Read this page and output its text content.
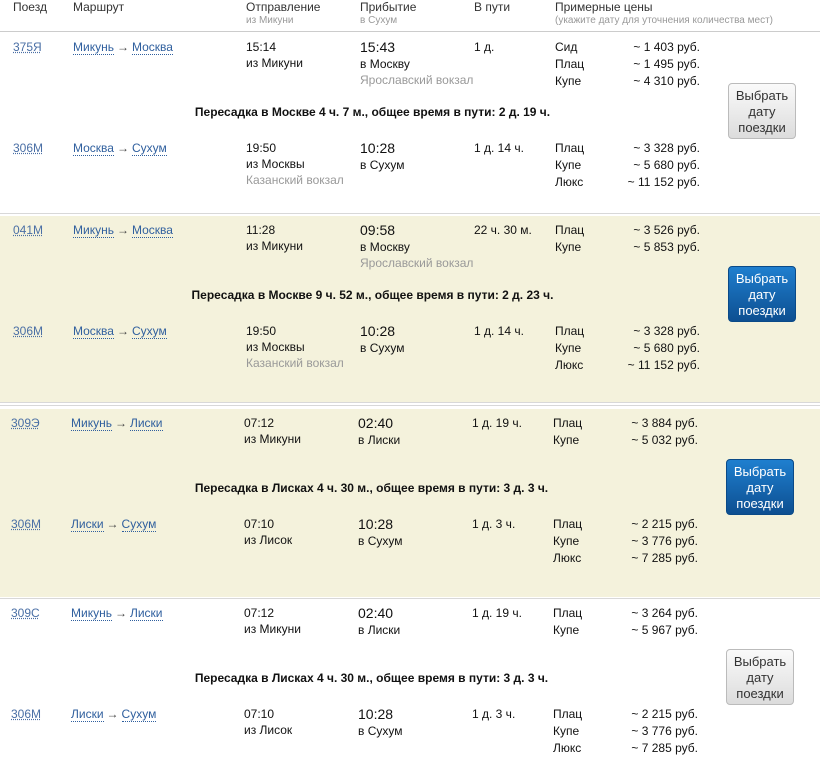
Поезд Маршрут	Отправление
из Микуни
Прибытие
в Сухум
В пути	Примерные цены
(укажите дату для уточнения количества мест)
375Я	Микунь → Москва	15:14
из Микуни
15:43
в Москву
Ярославский вокзал
1 д.	Сид	~ 1 403 руб.
Плац	~ 1 495 руб.
Купе	~ 4 310 руб.
306М Москва → Сухум	19:50
из Москвы
Казанский вокзал
10:28
в Сухум
1 д. 14 ч.	Плац	~ 3 328 руб.
Купе	~ 5 680 руб.
Люкс	~ 11 152 руб.
Пересадка в Москве 4 ч. 7 м., общее время в пути: 2 д. 19 ч.
Выбрать
дату
поездки
041М Микунь → Москва	11:28
из Микуни
09:58
в Москву
Ярославский вокзал
22 ч. 30 м. Плац	~ 3 526 руб.
Купе	~ 5 853 руб.
306М Москва → Сухум	19:50
из Москвы
Казанский вокзал
10:28
в Сухум
1 д. 14 ч.	Плац	~ 3 328 руб.
Купе	~ 5 680 руб.
Люкс	~ 11 152 руб.
Пересадка в Москве 9 ч. 52 м., общее время в пути: 2 д. 23 ч.
Выбрать
дату
поездки
309Э	Микунь → Лиски	07:12
из Микуни
02:40
в Лиски
1 д. 19 ч.	Плац	~ 3 884 руб.
Купе	~ 5 032 руб.
306М Лиски → Сухум	07:10
из Лисок
10:28
в Сухум
1 д. 3 ч.	Плац	~ 2 215 руб.
Купе	~ 3 776 руб.
Люкс	~ 7 285 руб.
Пересадка в Лисках 4 ч. 30 м., общее время в пути: 3 д. 3 ч.
Выбрать
дату
поездки
309С	Микунь → Лиски	07:12
из Микуни
02:40
в Лиски
1 д. 19 ч.	Плац	~ 3 264 руб.
Купе	~ 5 967 руб.
306М Лиски → Сухум	07:10
из Лисок
10:28
в Сухум
1 д. 3 ч.	Плац	~ 2 215 руб.
Купе	~ 3 776 руб.
Люкс	~ 7 285 руб.
Пересадка в Лисках 4 ч. 30 м., общее время в пути: 3 д. 3 ч.
Выбрать
дату
поездки
